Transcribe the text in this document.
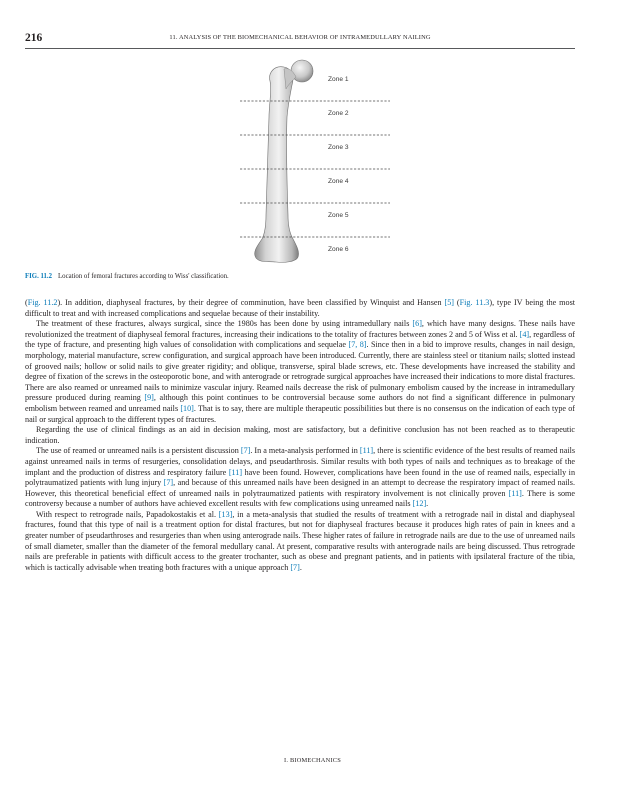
216	11. ANALYSIS OF THE BIOMECHANICAL BEHAVIOR OF INTRAMEDULLARY NAILING
Zone 1
Zone 2
Zone 3
Zone 4
Zone 5
Zone 6
FIG. 11.2 Location of femoral fractures according to Wiss' classification.

(Fig. 11.2). In addition, diaphyseal fractures, by their degree of comminution, have been classified by Winquist and Hansen [5] (Fig. 11.3), type IV being the most difficult to treat and with increased complications and sequelae because of their instability.

The treatment of these fractures, always surgical, since the 1980s has been done by using intramedullary nails [6], which have many designs. These nails have revolutionized the treatment of diaphyseal femoral fractures, increasing their indications to the totality of fractures between zones 2 and 5 of Wiss et al. [4], regardless of the type of fracture, and presenting high values of consolidation with complications and sequelae [7, 8]. Since then in a bid to improve results, changes in nail design, morphology, material manufacture, screw configuration, and surgical approach have been introduced. Currently, there are stainless steel or titanium nails; slotted instead of grooved nails; hollow or solid nails to give greater rigidity; and oblique, transverse, spiral blade screws, etc. These developments have increased the stability and degree of fixation of the screws in the osteoporotic bone, and with anterograde or retrograde surgical approaches have increased their indications to more distal fractures. There are also reamed or unreamed nails to minimize vascular injury. Reamed nails decrease the risk of pulmonary embolism caused by the increase in intramedullary pressure produced during reaming [9], although this point continues to be controversial because some authors do not find a significant difference in pulmonary embolism between reamed and unreamed nails [10]. That is to say, there are multiple therapeutic possibilities but there is no consensus on the indication of each type of nail or surgical approach to the different types of fractures.

Regarding the use of clinical findings as an aid in decision making, most are satisfactory, but a definitive conclusion has not been reached as to therapeutic indication.

The use of reamed or unreamed nails is a persistent discussion [7]. In a meta-analysis performed in [11], there is scientific evidence of the best results of reamed nails against unreamed nails in terms of resurgeries, consolidation delays, and pseudarthrosis. Similar results with both types of nails and techniques as to breakage of the implant and the production of distress and respiratory failure [11] have been found. However, complications have been found in the use of reamed nails, especially in polytraumatized patients with lung injury [7], and because of this unreamed nails have been designed in an attempt to decrease the respiratory impact of reamed nails. However, this theoretical beneficial effect of unreamed nails in polytraumatized patients with respiratory involvement is not clinically proven [11]. There is some controversy because a number of authors have achieved excellent results with few complications using unreamed nails [12].

With respect to retrograde nails, Papadokostakis et al. [13], in a meta-analysis that studied the results of treatment with a retrograde nail in distal and diaphyseal fractures, found that this type of nail is a treatment option for distal fractures, but not for diaphyseal fractures because it produces high rates of pain in knees and a greater number of pseudarthroses and resurgeries than when using anterograde nails. These higher rates of failure in retrograde nails are due to the use of unreamed nails of small diameter, smaller than the diameter of the femoral medullary canal. At present, comparative results with anterograde nails are being discussed. Thus retrograde nails are preferable in patients with difficult access to the greater trochanter, such as obese and pregnant patients, and in patients with ipsilateral fracture of the tibia, which is tactically advisable when treating both fractures with a unique approach [7].

I. BIOMECHANICS
